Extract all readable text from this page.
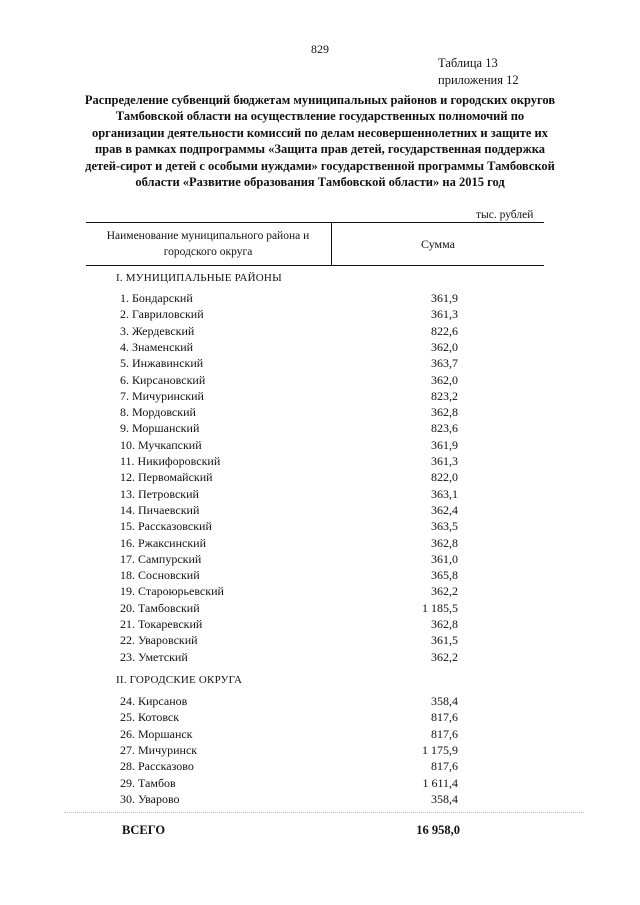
829
Таблица 13
приложения 12
Распределение субвенций бюджетам муниципальных районов и городских округов Тамбовской области на осуществление государственных полномочий по организации деятельности комиссий по делам несовершеннолетних и защите их прав в рамках подпрограммы «Защита прав детей, государственная поддержка детей-сирот и детей с особыми нуждами» государственной программы Тамбовской области «Развитие образования Тамбовской области» на 2015 год
тыс. рублей
Наименование муниципального района и городского округа
Сумма
I. МУНИЦИПАЛЬНЫЕ РАЙОНЫ
1. Бондарский	361,9
2. Гавриловский	361,3
3. Жердевский	822,6
4. Знаменский	362,0
5. Инжавинский	363,7
6. Кирсановский	362,0
7. Мичуринский	823,2
8. Мордовский	362,8
9. Моршанский	823,6
10. Мучкапский	361,9
11. Никифоровский	361,3
12. Первомайский	822,0
13. Петровский	363,1
14. Пичаевский	362,4
15. Рассказовский	363,5
16. Ржаксинский	362,8
17. Сампурский	361,0
18. Сосновский	365,8
19. Староюрьевский	362,2
20. Тамбовский	1 185,5
21. Токаревский	362,8
22. Уваровский	361,5
23. Уметский	362,2
II. ГОРОДСКИЕ ОКРУГА
24. Кирсанов	358,4
25. Котовск	817,6
26. Моршанск	817,6
27. Мичуринск	1 175,9
28. Рассказово	817,6
29. Тамбов	1 611,4
30. Уварово	358,4
ВСЕГО	16 958,0
